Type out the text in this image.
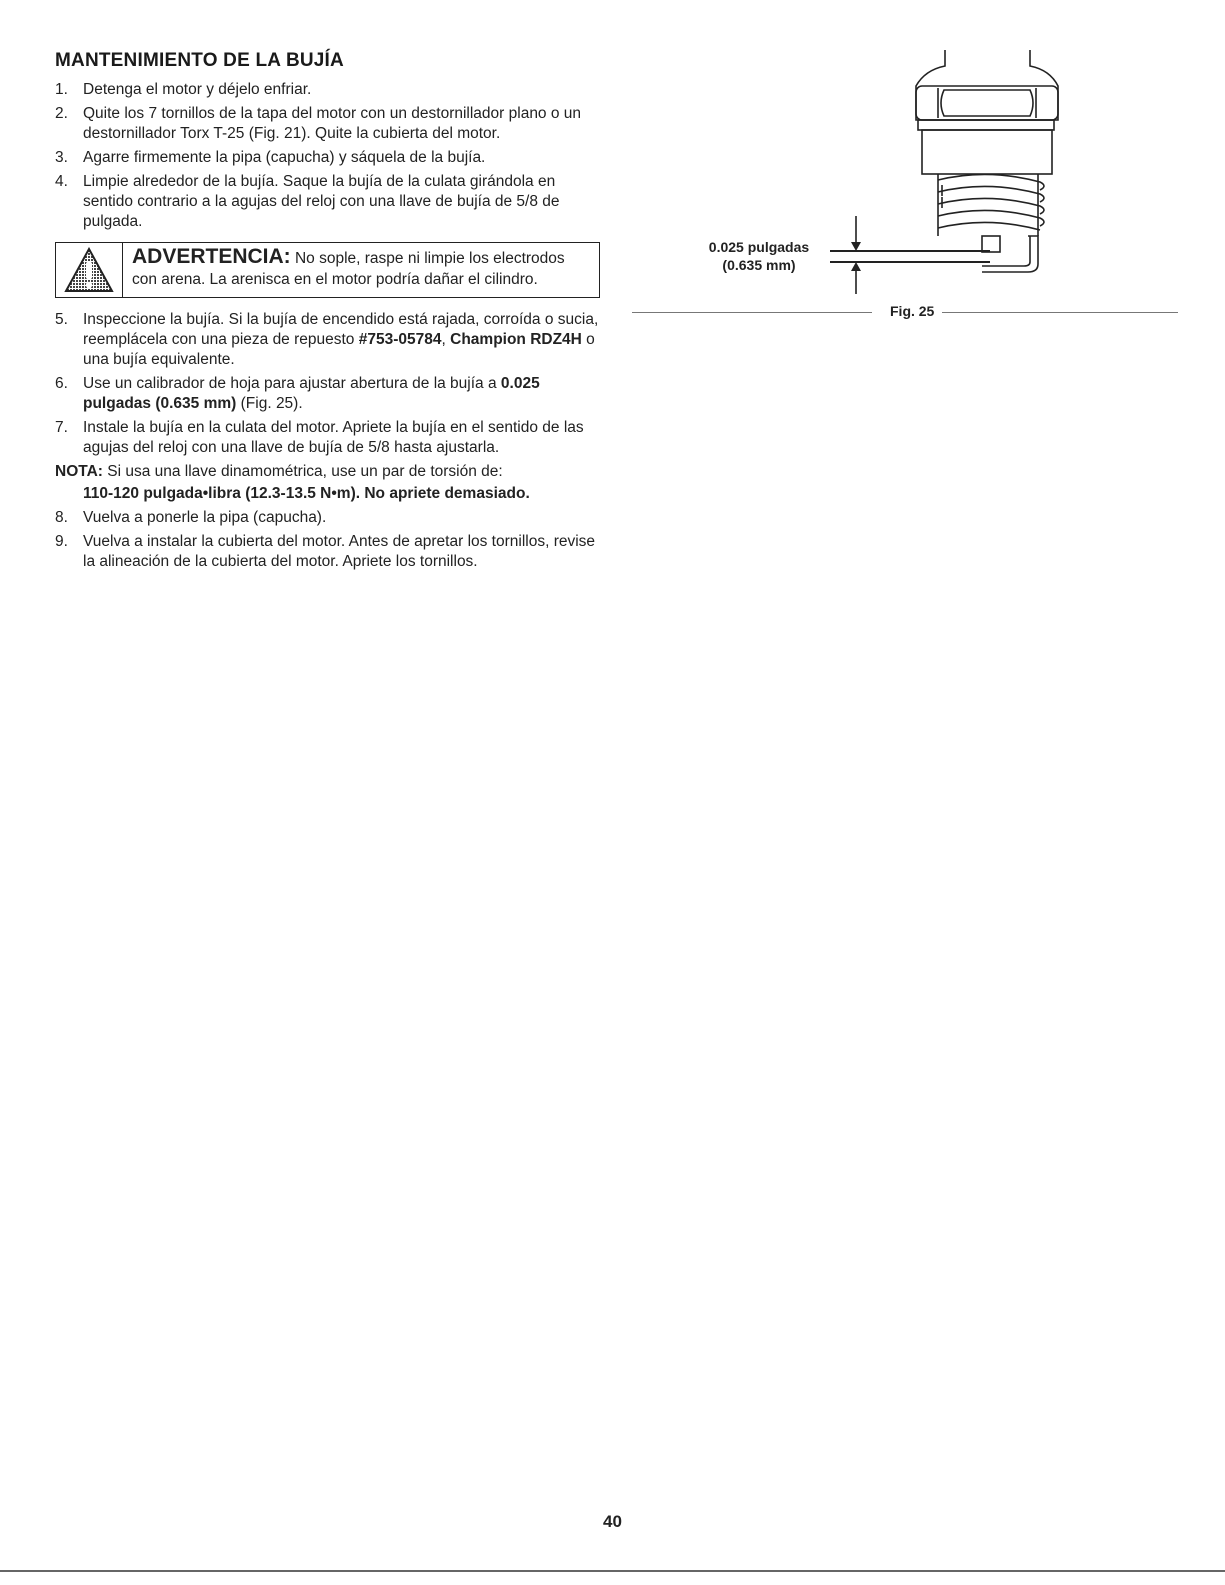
MANTENIMIENTO DE LA BUJÍA
1. Detenga el motor y déjelo enfriar.
2. Quite los 7 tornillos de la tapa del motor con un destornillador plano o un destornillador Torx T-25 (Fig. 21). Quite la cubierta del motor.
3. Agarre firmemente la pipa (capucha) y sáquela de la bujía.
4. Limpie alrededor de la bujía. Saque la bujía de la culata girándola en sentido contrario a la agujas del reloj con una llave de bujía de 5/8 de pulgada.
ADVERTENCIA: No sople, raspe ni limpie los electrodos con arena. La arenisca en el motor podría dañar el cilindro.
5. Inspeccione la bujía. Si la bujía de encendido está rajada, corroída o sucia, reemplácela con una pieza de repuesto #753-05784, Champion RDZ4H o una bujía equivalente.
6. Use un calibrador de hoja para ajustar abertura de la bujía a 0.025 pulgadas (0.635 mm) (Fig. 25).
7. Instale la bujía en la culata del motor. Apriete la bujía en el sentido de las agujas del reloj con una llave de bujía de 5/8 hasta ajustarla.
NOTA: Si usa una llave dinamométrica, use un par de torsión de:
110-120 pulgada•libra (12.3-13.5 N•m). No apriete demasiado.
8. Vuelva a ponerle la pipa (capucha).
9. Vuelva a instalar la cubierta del motor. Antes de apretar los tornillos, revise la alineación de la cubierta del motor. Apriete los tornillos.
0.025 pulgadas
(0.635 mm)
Fig. 25
40
